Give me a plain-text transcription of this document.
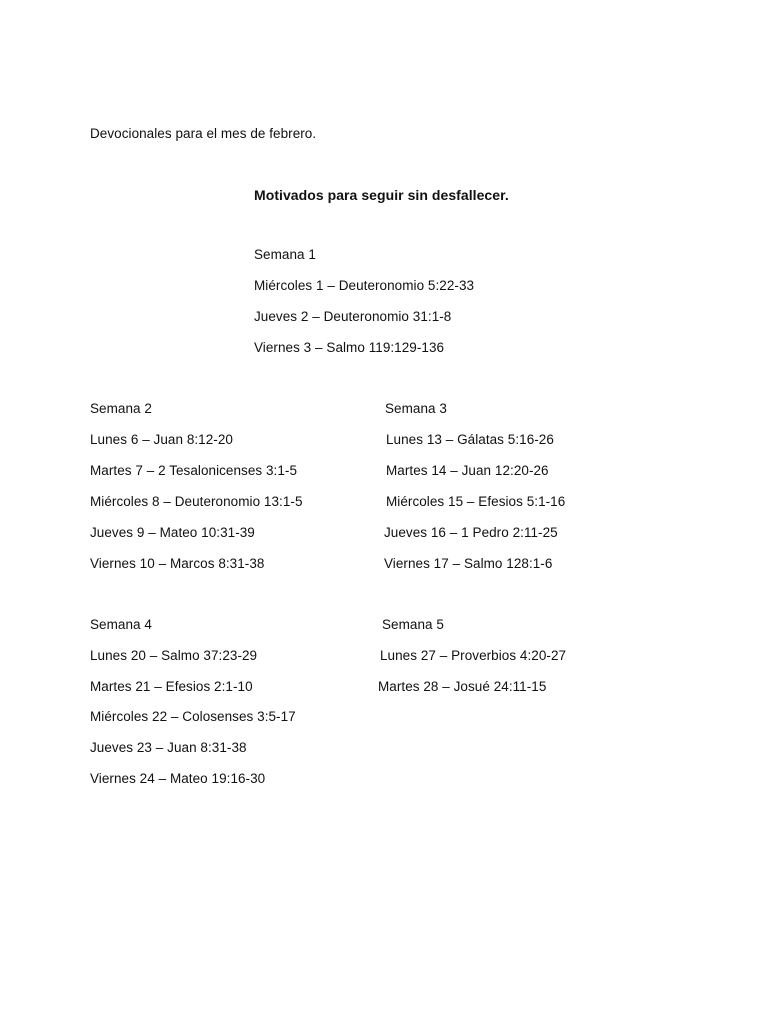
Devocionales para el mes de febrero.
Motivados para seguir sin desfallecer.
Semana 1
Miércoles 1 – Deuteronomio 5:22-33
Jueves 2 – Deuteronomio 31:1-8
Viernes 3 – Salmo 119:129-136
Semana 2
Lunes 6 – Juan 8:12-20
Martes 7 – 2 Tesalonicenses 3:1-5
Miércoles 8 – Deuteronomio 13:1-5
Jueves 9 – Mateo 10:31-39
Viernes 10 – Marcos 8:31-38
Semana 3
Lunes 13 – Gálatas 5:16-26
Martes 14 – Juan 12:20-26
Miércoles 15 – Efesios 5:1-16
Jueves 16 – 1 Pedro 2:11-25
Viernes 17 – Salmo 128:1-6
Semana 4
Lunes 20 – Salmo 37:23-29
Martes 21 – Efesios 2:1-10
Miércoles 22 – Colosenses 3:5-17
Jueves 23 – Juan 8:31-38
Viernes 24 – Mateo 19:16-30
Semana 5
Lunes 27 – Proverbios 4:20-27
Martes 28 – Josué 24:11-15
